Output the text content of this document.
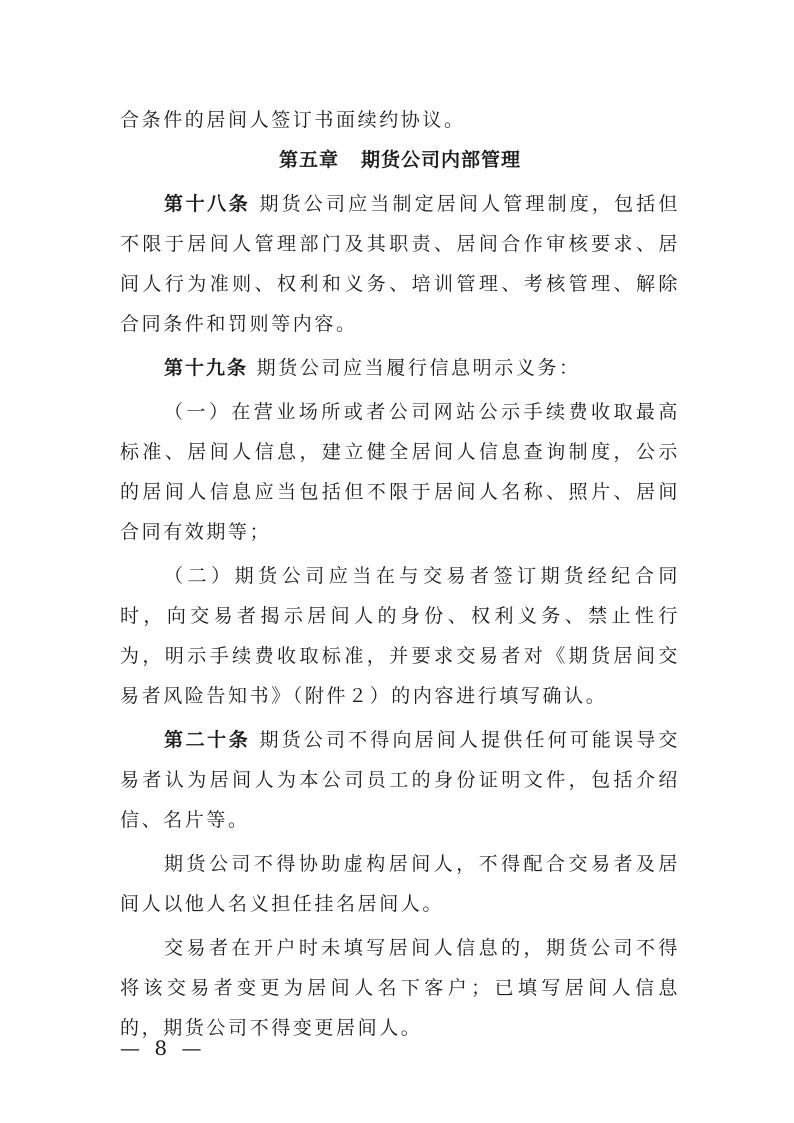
合条件的居间人签订书面续约协议。

第五章 期货公司内部管理

第十八条 期货公司应当制定居间人管理制度，包括但不限于居间人管理部门及其职责、居间合作审核要求、居间人行为准则、权利和义务、培训管理、考核管理、解除合同条件和罚则等内容。

第十九条 期货公司应当履行信息明示义务：

（一）在营业场所或者公司网站公示手续费收取最高标准、居间人信息，建立健全居间人信息查询制度，公示的居间人信息应当包括但不限于居间人名称、照片、居间合同有效期等；

（二）期货公司应当在与交易者签订期货经纪合同时，向交易者揭示居间人的身份、权利义务、禁止性行为，明示手续费收取标准，并要求交易者对《期货居间交易者风险告知书》（附件２）的内容进行填写确认。

第二十条 期货公司不得向居间人提供任何可能误导交易者认为居间人为本公司员工的身份证明文件，包括介绍信、名片等。

期货公司不得协助虚构居间人，不得配合交易者及居间人以他人名义担任挂名居间人。

交易者在开户时未填写居间人信息的，期货公司不得将该交易者变更为居间人名下客户；已填写居间人信息的，期货公司不得变更居间人。

— 8 —
